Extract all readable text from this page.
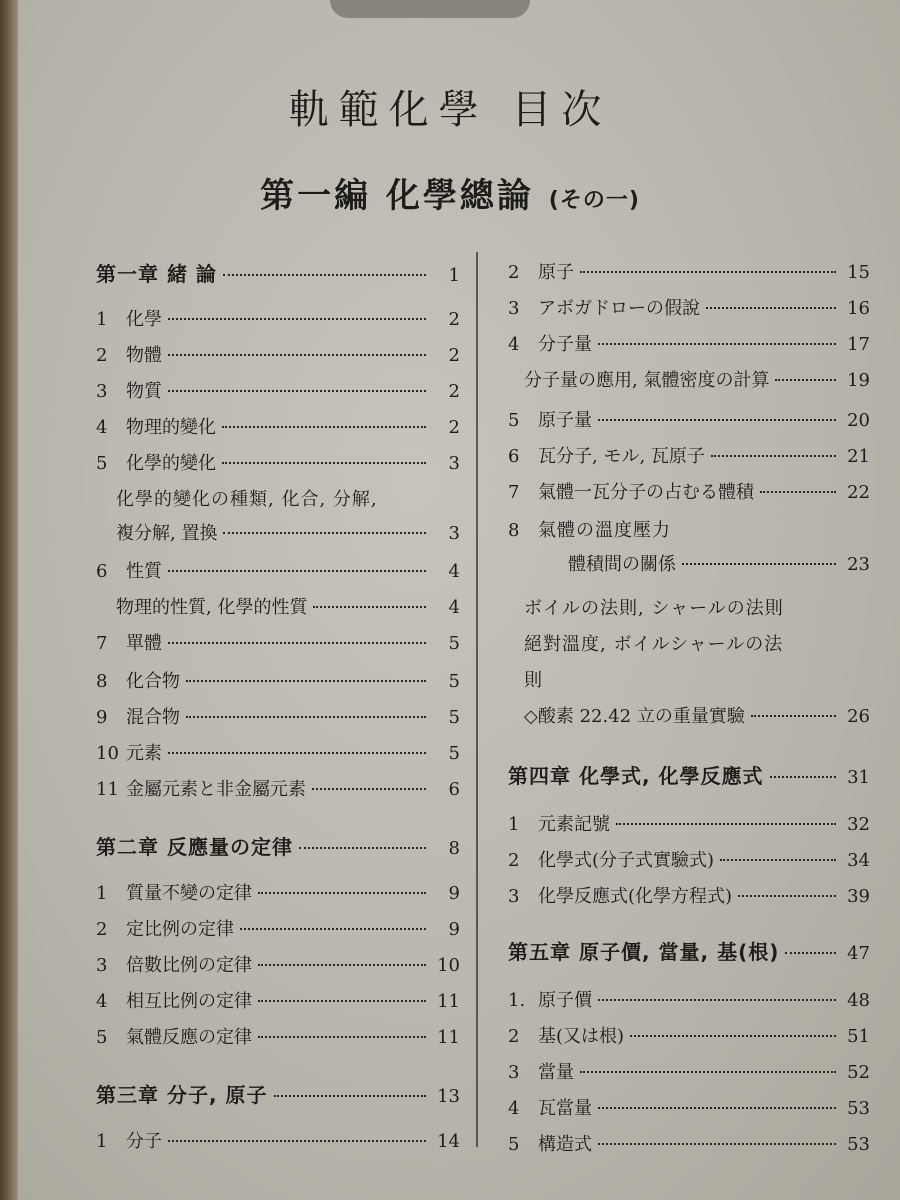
軌範化學 目次
第一編 化學總論 (その一)
第一章 緒 論	1
1	化學	2
2	物體	2
3	物質	2
4	物理的變化	2
5	化學的變化	3
化學的變化の種類, 化合, 分解,
複分解, 置換	3
6	性質	4
物理的性質, 化學的性質	4
7	單體	5
8	化合物	5
9	混合物	5
10 元素	5
11 金屬元素と非金屬元素	6
第二章 反應量の定律	8
1	質量不變の定律	9
2	定比例の定律	9
3	倍數比例の定律	10
4	相互比例の定律	11
5	氣體反應の定律	11
第三章 分子, 原子	13
1	分子	14
2	原子	15
3	アボガドローの假說	16
4	分子量	17
分子量の應用, 氣體密度の計算	19
5	原子量	20
6	瓦分子, モル, 瓦原子	21
7	氣體一瓦分子の占むる體積	22
8 氣體の溫度壓力
體積間の關係	23
ボイルの法則, シャールの法則
絕對溫度, ボイルシャールの法
則
◇酸素 22.42 立の重量實驗	26
第四章 化學式, 化學反應式	31
1	元素記號	32
2	化學式(分子式實驗式)	34
3	化學反應式(化學方程式)	39
第五章 原子價, 當量, 基(根)	47
1. 原子價	48
2	基(又は根)	51
3	當量	52
4	瓦當量	53
5	構造式	53
